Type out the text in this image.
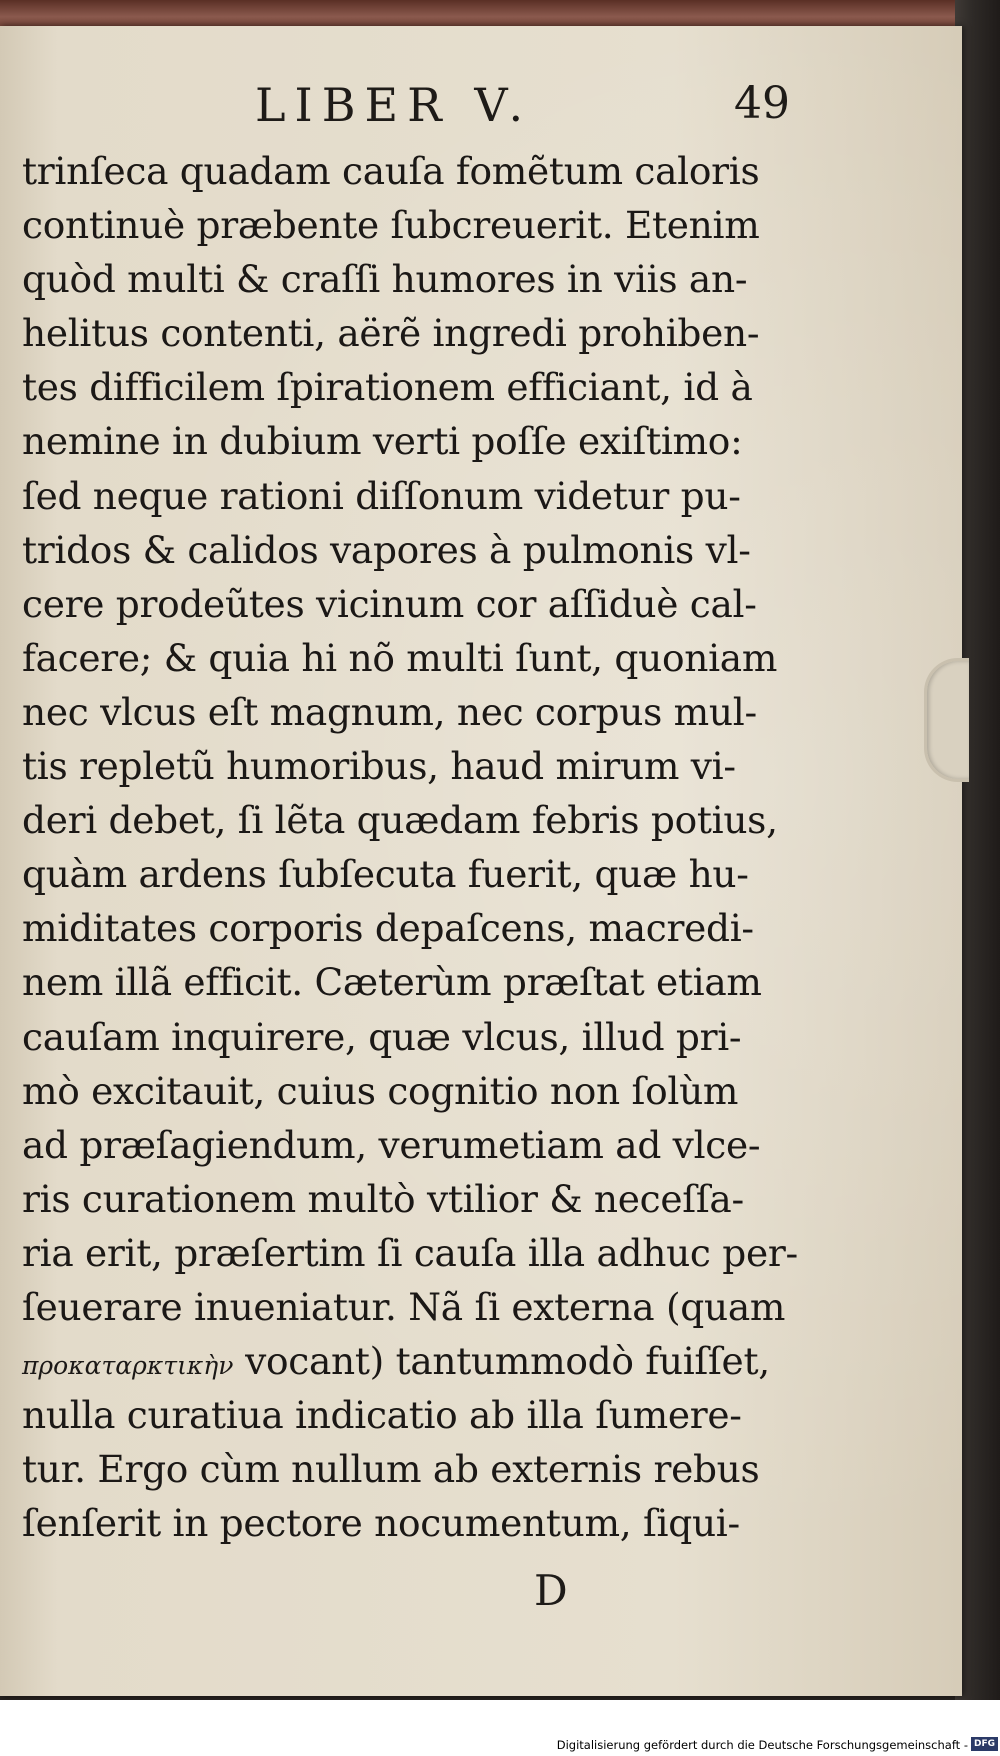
LIBER V.	49
trinſeca quadam cauſa fomẽtum caloris
continuè præbente ſubcreuerit. Etenim
quòd multi & craſſi humores in viis an-
helitus contenti, aërẽ ingredi prohiben-
tes difficilem ſpirationem efficiant, id à
nemine in dubium verti poſſe exiſtimo:
ſed neque rationi diſſonum videtur pu-
tridos & calidos vapores à pulmonis vl-
cere prodeũtes vicinum cor aſſiduè cal-
facere; & quia hi nõ multi ſunt, quoniam
nec vlcus eſt magnum, nec corpus mul-
tis repletũ humoribus, haud mirum vi-
deri debet, ſi lẽta quædam febris potius,
quàm ardens ſubſecuta fuerit, quæ hu-
miditates corporis depaſcens, macredi-
nem illã efficit. Cæterùm præſtat etiam
cauſam inquirere, quæ vlcus, illud pri-
mò excitauit, cuius cognitio non ſolùm
ad præſagiendum, verumetiam ad vlce-
ris curationem multò vtilior & neceſſa-
ria erit, præſertim ſi cauſa illa adhuc per-
ſeuerare inueniatur. Nã ſi externa (quam
προκαταρκτικὴν vocant) tantummodò fuiſſet,
nulla curatiua indicatio ab illa ſumere-
tur. Ergo cùm nullum ab externis rebus
ſenſerit in pectore nocumentum, ſiqui-
D
Digitalisierung gefördert durch die Deutsche Forschungsgemeinschaft - DFG
